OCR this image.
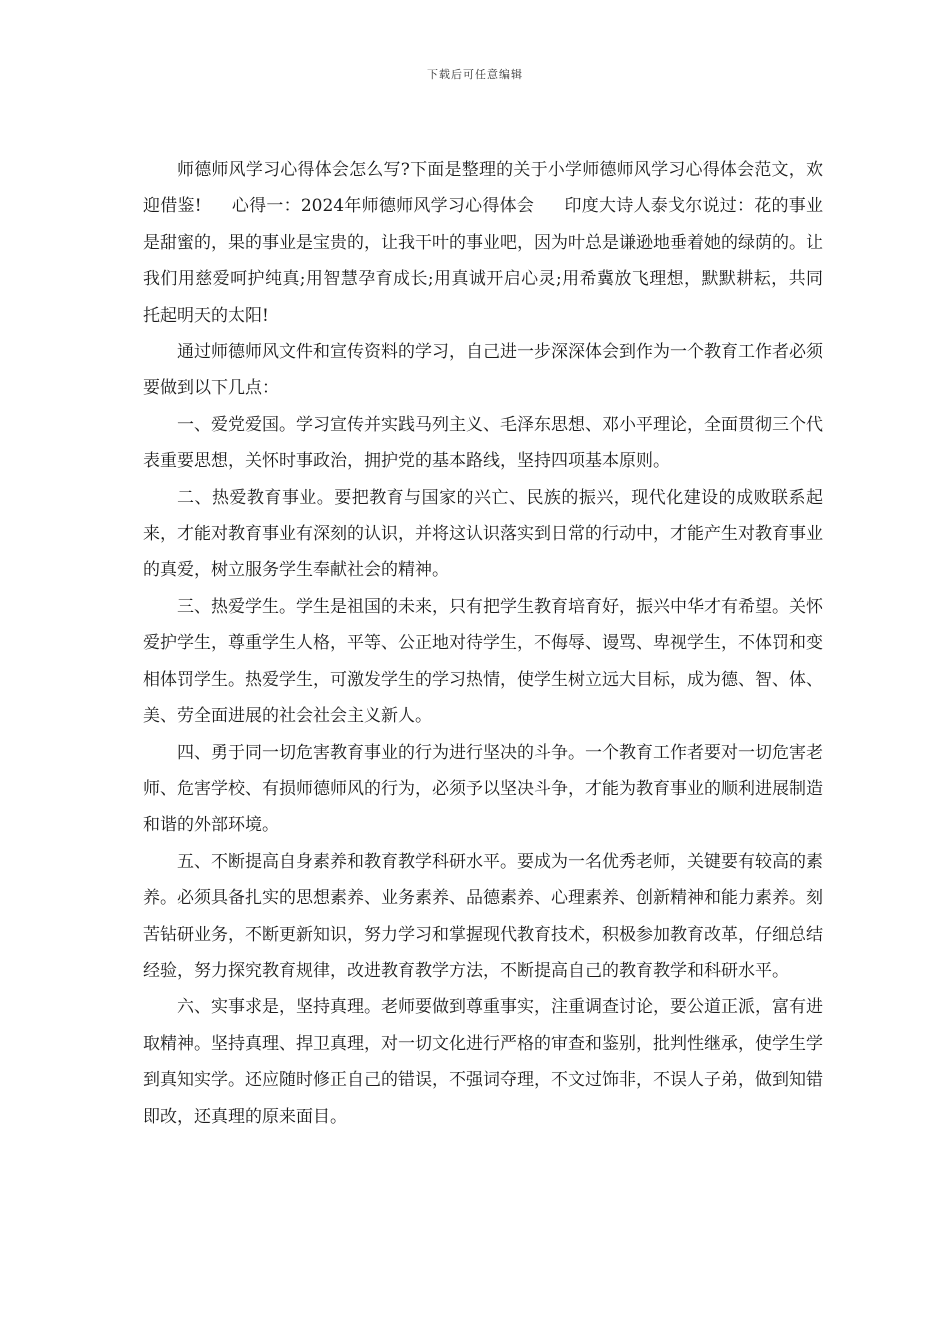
下载后可任意编辑

师德师风学习心得体会怎么写?下面是整理的关于小学师德师风学习心得体会范文，欢迎借鉴! 心得一：2024年师德师风学习心得体会 印度大诗人泰戈尔说过：花的事业是甜蜜的，果的事业是宝贵的，让我干叶的事业吧，因为叶总是谦逊地垂着她的绿荫的。让我们用慈爱呵护纯真;用智慧孕育成长;用真诚开启心灵;用希冀放飞理想，默默耕耘，共同托起明天的太阳!

通过师德师风文件和宣传资料的学习，自己进一步深深体会到作为一个教育工作者必须要做到以下几点：

一、爱党爱国。学习宣传并实践马列主义、毛泽东思想、邓小平理论，全面贯彻三个代表重要思想，关怀时事政治，拥护党的基本路线，坚持四项基本原则。

二、热爱教育事业。要把教育与国家的兴亡、民族的振兴，现代化建设的成败联系起来，才能对教育事业有深刻的认识，并将这认识落实到日常的行动中，才能产生对教育事业的真爱，树立服务学生奉献社会的精神。

三、热爱学生。学生是祖国的未来，只有把学生教育培育好，振兴中华才有希望。关怀爱护学生，尊重学生人格，平等、公正地对待学生，不侮辱、谩骂、卑视学生，不体罚和变相体罚学生。热爱学生，可激发学生的学习热情，使学生树立远大目标，成为德、智、体、美、劳全面进展的社会社会主义新人。

四、勇于同一切危害教育事业的行为进行坚决的斗争。一个教育工作者要对一切危害老师、危害学校、有损师德师风的行为，必须予以坚决斗争，才能为教育事业的顺利进展制造和谐的外部环境。

五、不断提高自身素养和教育教学科研水平。要成为一名优秀老师，关键要有较高的素养。必须具备扎实的思想素养、业务素养、品德素养、心理素养、创新精神和能力素养。刻苦钻研业务，不断更新知识，努力学习和掌握现代教育技术，积极参加教育改革，仔细总结经验，努力探究教育规律，改进教育教学方法，不断提高自己的教育教学和科研水平。

六、实事求是，坚持真理。老师要做到尊重事实，注重调查讨论，要公道正派，富有进取精神。坚持真理、捍卫真理，对一切文化进行严格的审查和鉴别，批判性继承，使学生学到真知实学。还应随时修正自己的错误，不强词夺理，不文过饰非，不误人子弟，做到知错即改，还真理的原来面目。
